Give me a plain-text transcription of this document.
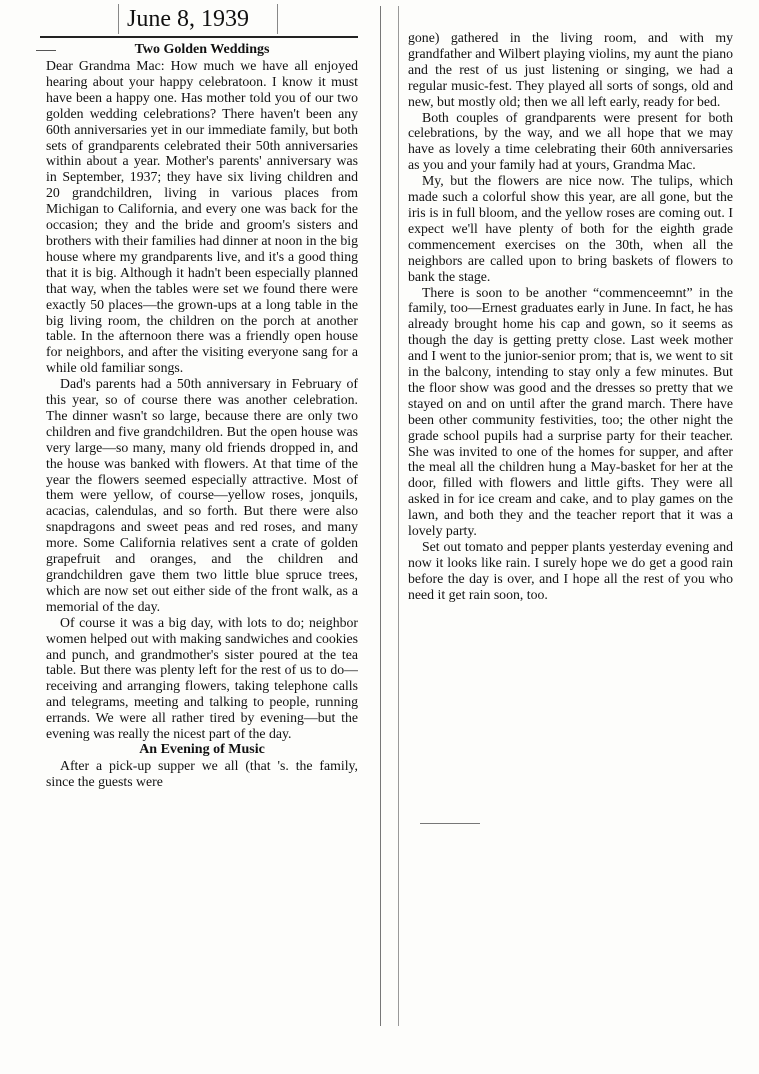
June 8, 1939
Two Golden Weddings

Dear Grandma Mac: How much we have all enjoyed hearing about your happy celebratoon. I know it must have been a happy one. Has mother told you of our two golden wedding celebrations? There haven't been any 60th anniversaries yet in our immediate family, but both sets of grandparents celebrated their 50th anniversaries within about a year. Mother's parents' anniversary was in September, 1937; they have six living children and 20 grandchildren, living in various places from Michigan to California, and every one was back for the occasion; they and the bride and groom's sisters and brothers with their families had dinner at noon in the big house where my grandparents live, and it's a good thing that it is big. Although it hadn't been especially planned that way, when the tables were set we found there were exactly 50 places—the grown-ups at a long table in the big living room, the children on the porch at another table. In the afternoon there was a friendly open house for neighbors, and after the visiting everyone sang for a while old familiar songs.

Dad's parents had a 50th anniversary in February of this year, so of course there was another celebration. The dinner wasn't so large, because there are only two children and five grandchildren. But the open house was very large—so many, many old friends dropped in, and the house was banked with flowers. At that time of the year the flowers seemed especially attractive. Most of them were yellow, of course—yellow roses, jonquils, acacias, calendulas, and so forth. But there were also snapdragons and sweet peas and red roses, and many more. Some California relatives sent a crate of golden grapefruit and oranges, and the children and grandchildren gave them two little blue spruce trees, which are now set out either side of the front walk, as a memorial of the day.

Of course it was a big day, with lots to do; neighbor women helped out with making sandwiches and cookies and punch, and grandmother's sister poured at the tea table. But there was plenty left for the rest of us to do—receiving and arranging flowers, taking telephone calls and telegrams, meeting and talking to people, running errands. We were all rather tired by evening—but the evening was really the nicest part of the day.

An Evening of Music

After a pick-up supper we all (that 's. the family, since the guests were

gone) gathered in the living room, and with my grandfather and Wilbert playing violins, my aunt the piano and the rest of us just listening or singing, we had a regular music-fest. They played all sorts of songs, old and new, but mostly old; then we all left early, ready for bed.

Both couples of grandparents were present for both celebrations, by the way, and we all hope that we may have as lovely a time celebrating their 60th anniversaries as you and your family had at yours, Grandma Mac.

My, but the flowers are nice now. The tulips, which made such a colorful show this year, are all gone, but the iris is in full bloom, and the yellow roses are coming out. I expect we'll have plenty of both for the eighth grade commencement exercises on the 30th, when all the neighbors are called upon to bring baskets of flowers to bank the stage.

There is soon to be another “commenceemnt” in the family, too—Ernest graduates early in June. In fact, he has already brought home his cap and gown, so it seems as though the day is getting pretty close. Last week mother and I went to the junior-senior prom; that is, we went to sit in the balcony, intending to stay only a few minutes. But the floor show was good and the dresses so pretty that we stayed on and on until after the grand march. There have been other community festivities, too; the other night the grade school pupils had a surprise party for their teacher. She was invited to one of the homes for supper, and after the meal all the children hung a May-basket for her at the door, filled with flowers and little gifts. They were all asked in for ice cream and cake, and to play games on the lawn, and both they and the teacher report that it was a lovely party.

Set out tomato and pepper plants yesterday evening and now it looks like rain. I surely hope we do get a good rain before the day is over, and I hope all the rest of you who need it get rain soon, too.
